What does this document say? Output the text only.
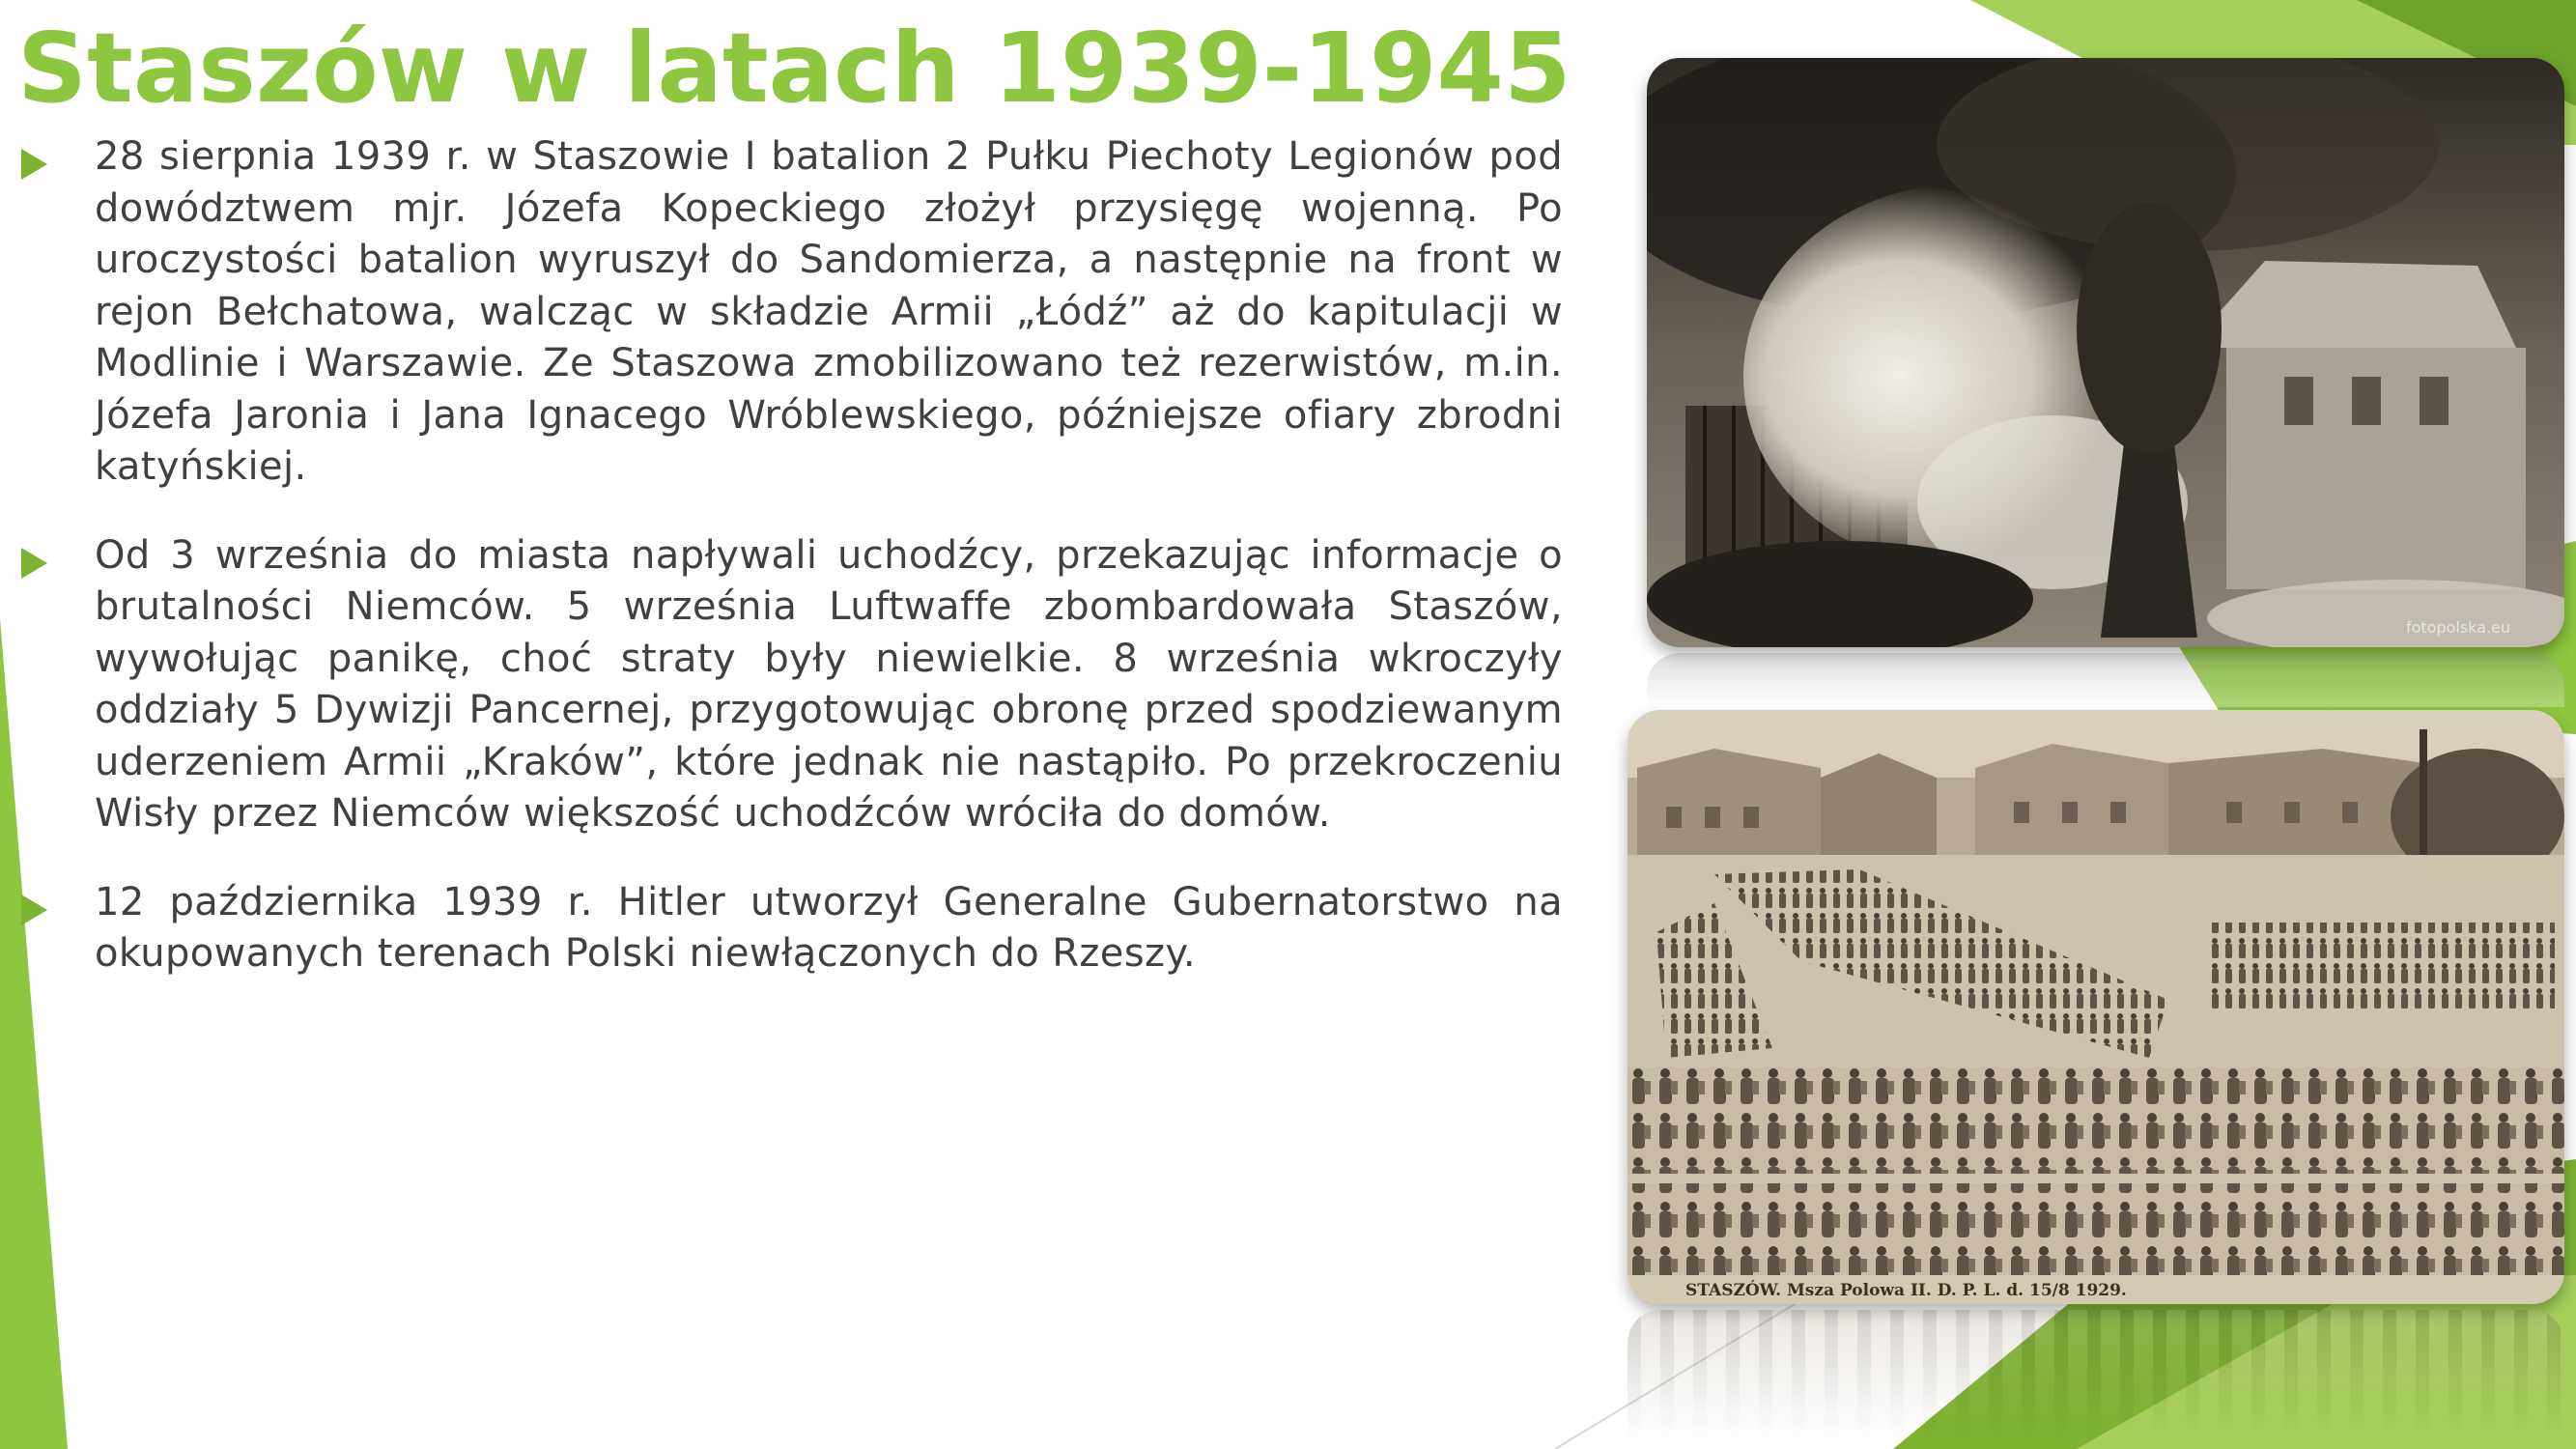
Staszów w latach 1939-1945
28 sierpnia 1939 r. w Staszowie I batalion 2 Pułku Piechoty Legionów pod dowództwem mjr. Józefa Kopeckiego złożył przysięgę wojenną. Po uroczystości batalion wyruszył do Sandomierza, a następnie na front w rejon Bełchatowa, walcząc w składzie Armii „Łódź” aż do kapitulacji w Modlinie i Warszawie. Ze Staszowa zmobilizowano też rezerwistów, m.in. Józefa Jaronia i Jana Ignacego Wróblewskiego, późniejsze ofiary zbrodni katyńskiej.
Od 3 września do miasta napływali uchodźcy, przekazując informacje o brutalności Niemców. 5 września Luftwaffe zbombardowała Staszów, wywołując panikę, choć straty były niewielkie. 8 września wkroczyły oddziały 5 Dywizji Pancernej, przygotowując obronę przed spodziewanym uderzeniem Armii „Kraków”, które jednak nie nastąpiło. Po przekroczeniu Wisły przez Niemców większość uchodźców wróciła do domów.
12 października 1939 r. Hitler utworzył Generalne Gubernatorstwo na okupowanych terenach Polski niewłączonych do Rzeszy.
fotopolska.eu
STASZÓW. Msza Polowa II. D. P. L. d. 15/8 1929.
